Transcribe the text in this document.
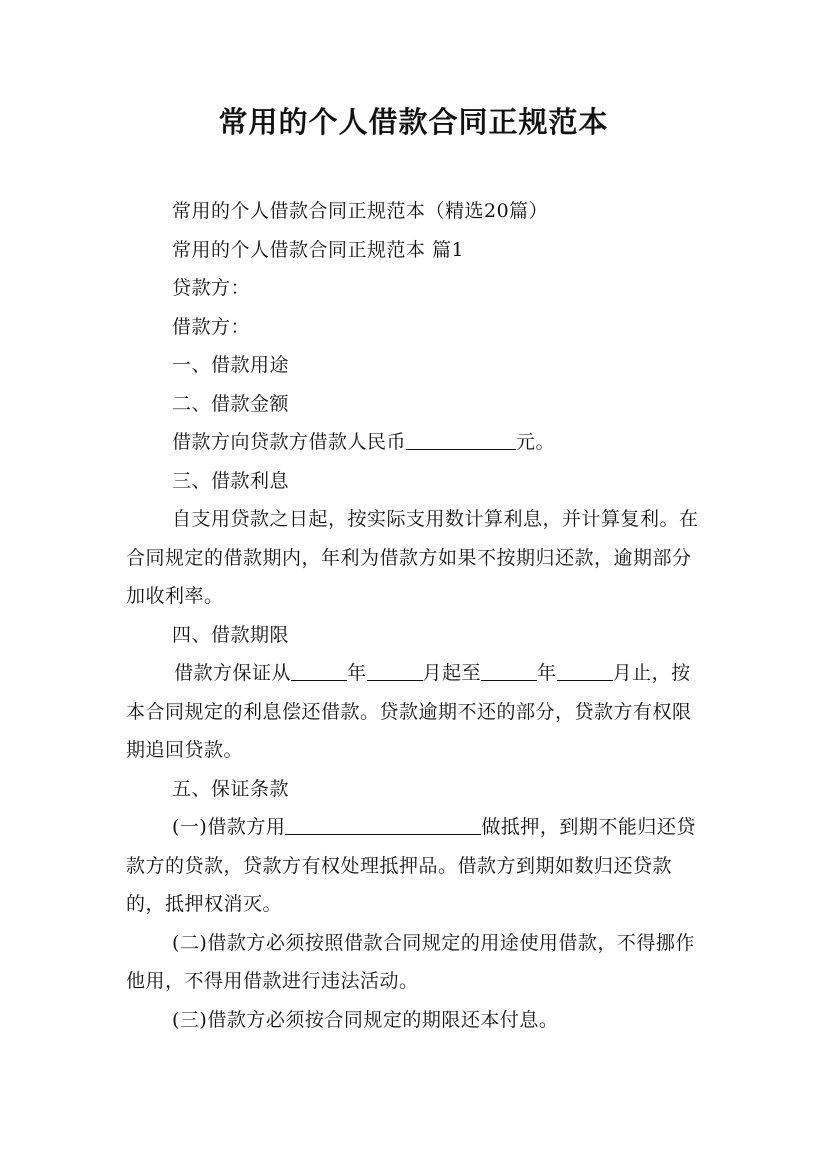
常用的个人借款合同正规范本

常用的个人借款合同正规范本（精选20篇）

常用的个人借款合同正规范本 篇1

贷款方：

借款方：

一、借款用途

二、借款金额

借款方向贷款方借款人民币	元。

三、借款利息

自支用贷款之日起，按实际支用数计算利息，并计算复利。在合同规定的借款期内，年利为借款方如果不按期归还款，逾期部分加收利率。

四、借款期限

借款方保证从	年	月起至	年	月止，按本合同规定的利息偿还借款。贷款逾期不还的部分，贷款方有权限期追回贷款。

五、保证条款

(一)借款方用	做抵押，到期不能归还贷款方的贷款，贷款方有权处理抵押品。借款方到期如数归还贷款的，抵押权消灭。

(二)借款方必须按照借款合同规定的用途使用借款，不得挪作他用，不得用借款进行违法活动。

(三)借款方必须按合同规定的期限还本付息。
